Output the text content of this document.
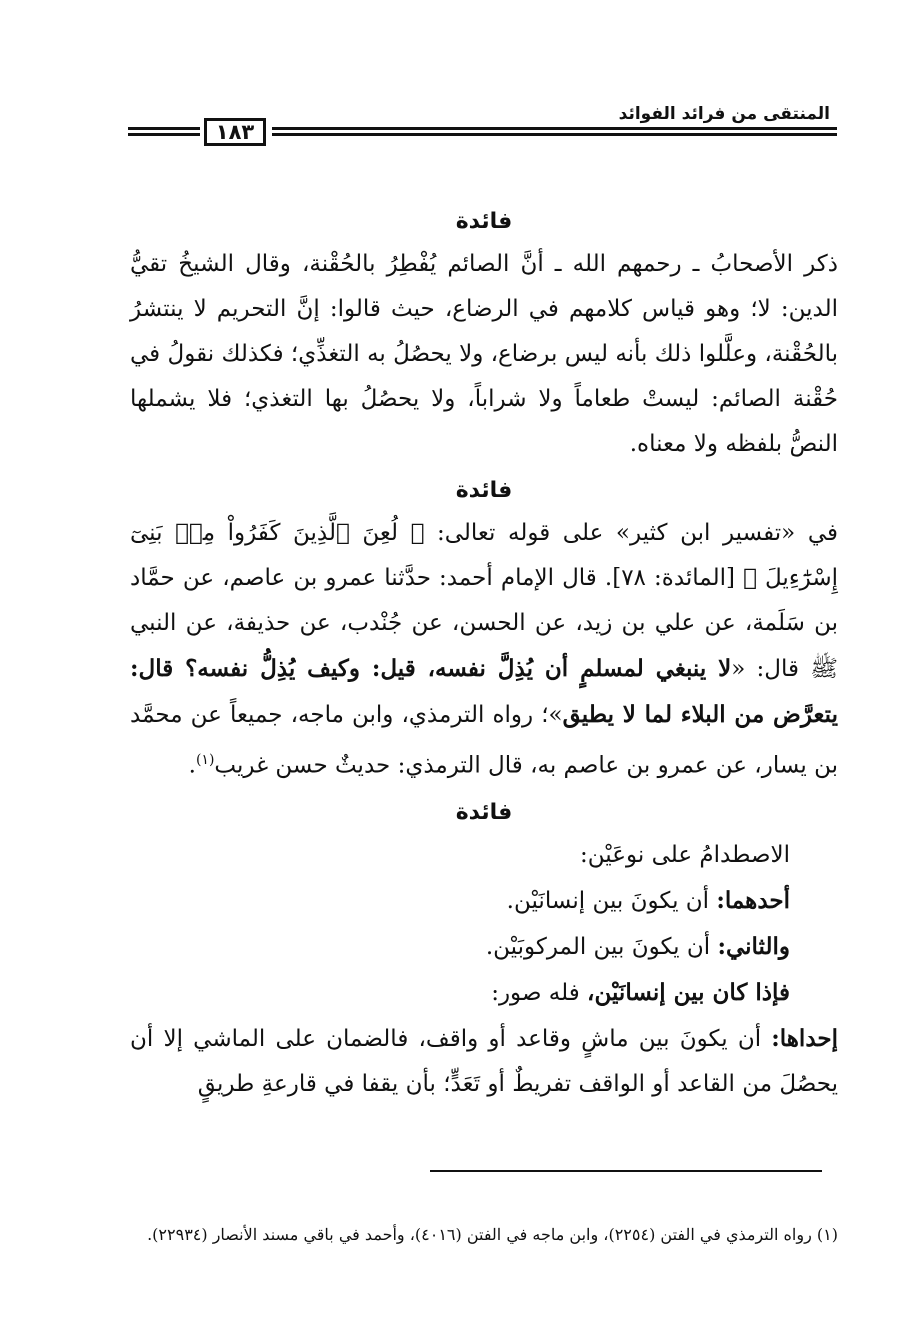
المنتقى من فرائد الفوائد
١٨٣

فائدة

ذكر الأصحابُ ـ رحمهم الله ـ أنَّ الصائم يُفْطِرُ بالحُقْنة، وقال الشيخُ تقيُّ الدين: لا؛ وهو قياس كلامهم في الرضاع، حيث قالوا: إنَّ التحريم لا ينتشرُ بالحُقْنة، وعلَّلوا ذلك بأنه ليس برضاع، ولا يحصُلُ به التغذِّي؛ فكذلك نقولُ في حُقْنة الصائم: ليستْ طعاماً ولا شراباً، ولا يحصُلُ بها التغذي؛ فلا يشملها النصُّ بلفظه ولا معناه.

فائدة

في «تفسير ابن كثير» على قوله تعالى: ﴿ لُعِنَ ٱلَّذِينَ كَفَرُواْ مِنۢ بَنِىٓ إِسْرَٰٓءِيلَ ﴾ [المائدة: ٧٨]. قال الإمام أحمد: حدَّثنا عمرو بن عاصم، عن حمَّاد بن سَلَمة، عن علي بن زيد، عن الحسن، عن جُنْدب، عن حذيفة، عن النبي ﷺ قال: «لا ينبغي لمسلمٍ أن يُذِلَّ نفسه، قيل: وكيف يُذِلُّ نفسه؟ قال: يتعرَّض من البلاء لما لا يطيق»؛ رواه الترمذي، وابن ماجه، جميعاً عن محمَّد بن يسار، عن عمرو بن عاصم به، قال الترمذي: حديثٌ حسن غريب$^{(١)}$.

فائدة

الاصطدامُ على نوعَيْن:

أحدهما: أن يكونَ بين إنسانَيْن.

والثاني: أن يكونَ بين المركوبَيْن.

فإذا كان بين إنسانَيْن، فله صور:

إحداها: أن يكونَ بين ماشٍ وقاعد أو واقف، فالضمان على الماشي إلا أن يحصُلَ من القاعد أو الواقف تفريطٌ أو تَعَدٍّ؛ بأن يقفا في قارعةِ طريقٍ

(١) رواه الترمذي في الفتن (٢٢٥٤)، وابن ماجه في الفتن (٤٠١٦)، وأحمد في باقي مسند الأنصار (٢٢٩٣٤).
